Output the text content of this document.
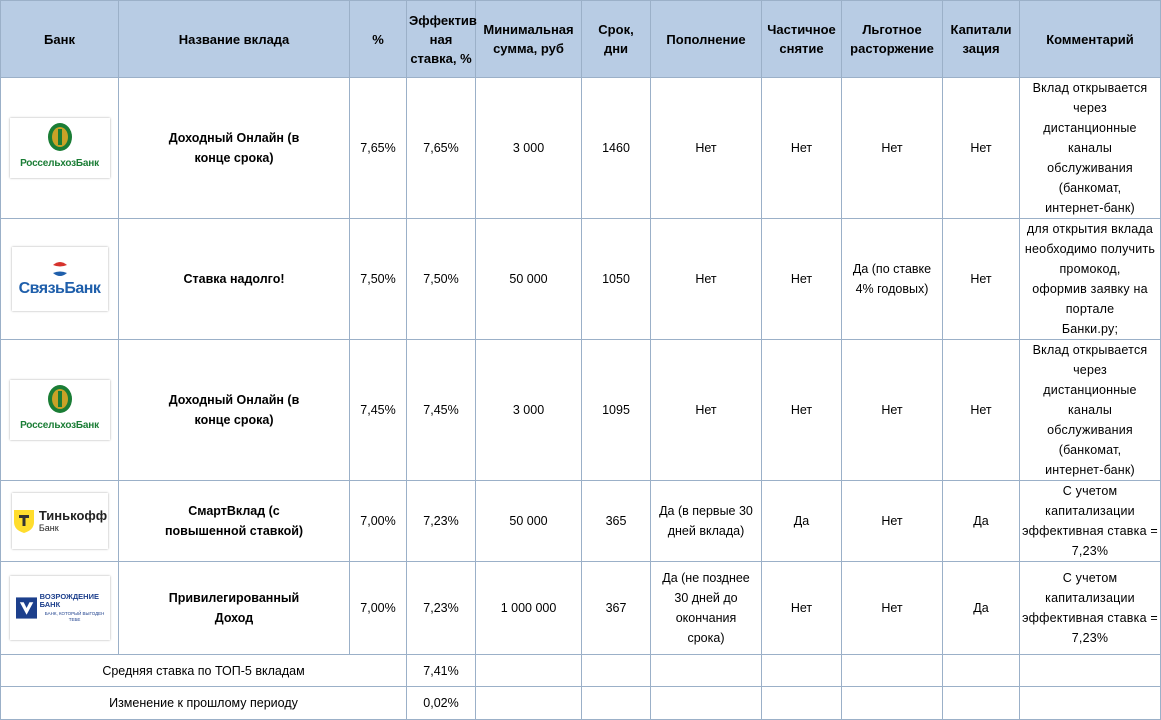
Банк	Название вклада	%	Эффектив
ная
ставка, %	Минимальная
сумма, руб	Срок,
дни	Пополнение	Частичное
снятие	Льготное
расторжение	Капитали
зация	Комментарий

РоссельхозБанк	Доходный Онлайн (в
конце срока)	7,65%	7,65%	3 000	1460	Нет	Нет	Нет	Нет	Вклад открывается через
дистанционные каналы
обслуживания (банкомат,
интернет-банк)

СвязьБанк	Ставка надолго!	7,50%	7,50%	50 000	1050	Нет	Нет	Да (по ставке
4% годовых)	Нет	для открытия вклада
необходимо получить промокод,
оформив заявку на портале
Банки.ру;

РоссельхозБанк	Доходный Онлайн (в
конце срока)	7,45%	7,45%	3 000	1095	Нет	Нет	Нет	Нет	Вклад открывается через
дистанционные каналы
обслуживания (банкомат,
интернет-банк)

Тинькофф
Банк	СмартВклад (с
повышенной ставкой)	7,00%	7,23%	50 000	365	Да (в первые 30
дней вклада)	Да	Нет	Да	С учетом капитализации
эффективная ставка = 7,23%

ВОЗРОЖДЕНИЕ
БАНК
БАНК, КОТОРЫЙ ВЫГОДЕН ТЕБЕ	Привилегированный
Доход	7,00%	7,23%	1 000 000	367	Да (не позднее
30 дней до
окончания
срока)	Нет	Нет	Да	С учетом капитализации
эффективная ставка = 7,23%
Средняя ставка по ТОП-5 вкладам			7,41%							
Изменение к прошлому периоду			0,02%							
